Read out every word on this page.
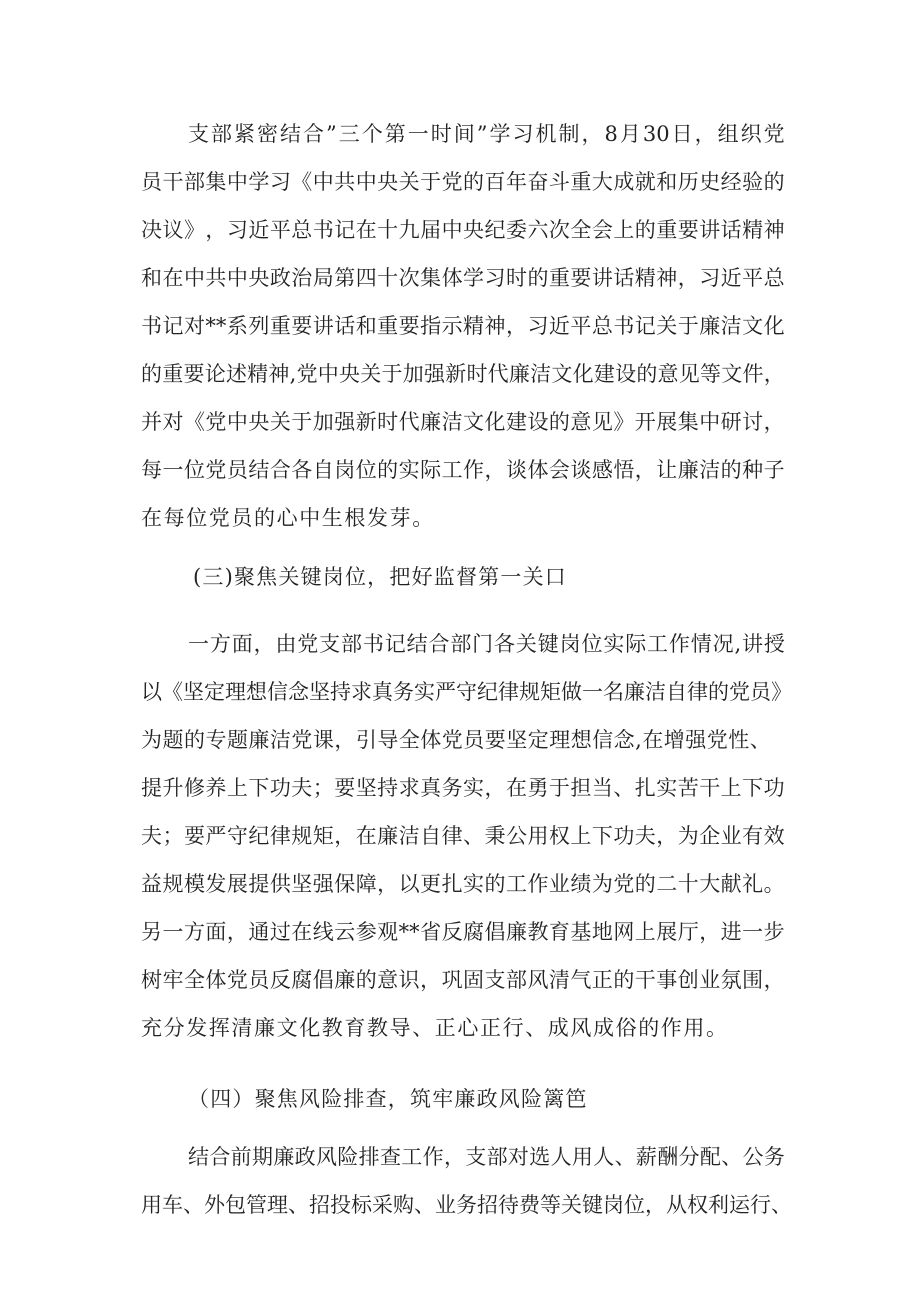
支 部 紧 密 结 合 ” 三 个 第 一 时 间 ” 学 习 机 制 ， 8 月 30 日 ， 组 织 党
员 干 部 集 中 学 习 《 中 共 中 央 关 于 党 的 百 年 奋 斗 重 大 成 就 和 历 史 经 验 的
决 议 》 ， 习 近 平 总 书 记 在 十 九 届 中 央 纪 委 六 次 全 会 上 的 重 要 讲 话 精 神
和 在 中 共 中 央 政 治 局 第 四 十 次 集 体 学 习 时 的 重 要 讲 话 精 神 ， 习 近 平 总
书 记 对 ** 系 列 重 要 讲 话 和 重 要 指 示 精 神 ， 习 近 平 总 书 记 关 于 廉 洁 文 化
的 重 要 论 述 精 神 , 党 中 央 关 于 加 强 新 时 代 廉 洁 文 化 建 设 的 意 见 等 文 件 ，
并 对 《 党 中 央 关 于 加 强 新 时 代 廉 洁 文 化 建 设 的 意 见 》 开 展 集 中 研 讨 ，
每 一 位 党 员 结 合 各 自 岗 位 的 实 际 工 作 ， 谈 体 会 谈 感 悟 ， 让 廉 洁 的 种 子
在每位党员的心中生根发芽。
(三)聚焦关键岗位，把好监督第一关口
一 方 面 ， 由 党 支 部 书 记 结 合 部 门 各 关 键 岗 位 实 际 工 作 情 况 , 讲 授
以 《 坚 定 理 想 信 念 坚 持 求 真 务 实 严 守 纪 律 规 矩 做 一 名 廉 洁 自 律 的 党 员 》
为 题 的 专 题 廉 洁 党 课 ， 引 导 全 体 党 员 要 坚 定 理 想 信 念 , 在 增 强 党 性 、
提 升 修 养 上 下 功 夫 ； 要 坚 持 求 真 务 实 ， 在 勇 于 担 当 、 扎 实 苦 干 上 下 功
夫 ； 要 严 守 纪 律 规 矩 ， 在 廉 洁 自 律 、 秉 公 用 权 上 下 功 夫 ， 为 企 业 有 效
益 规 模 发 展 提 供 坚 强 保 障 ， 以 更 扎 实 的 工 作 业 绩 为 党 的 二 十 大 献 礼 。
另 一 方 面 ， 通 过 在 线 云 参 观 ** 省 反 腐 倡 廉 教 育 基 地 网 上 展 厅 ， 进 一 步
树 牢 全 体 党 员 反 腐 倡 廉 的 意 识 ， 巩 固 支 部 风 清 气 正 的 干 事 创 业 氛 围 ，
充分发挥清廉文化教育教导、正心正行、成风成俗的作用。
（四）聚焦风险排查，筑牢廉政风险篱笆
结 合 前 期 廉 政 风 险 排 查 工 作 ， 支 部 对 选 人 用 人 、 薪 酬 分 配 、 公 务
用 车 、 外 包 管 理 、 招 投 标 采 购 、 业 务 招 待 费 等 关 键 岗 位 ， 从 权 利 运 行 、
